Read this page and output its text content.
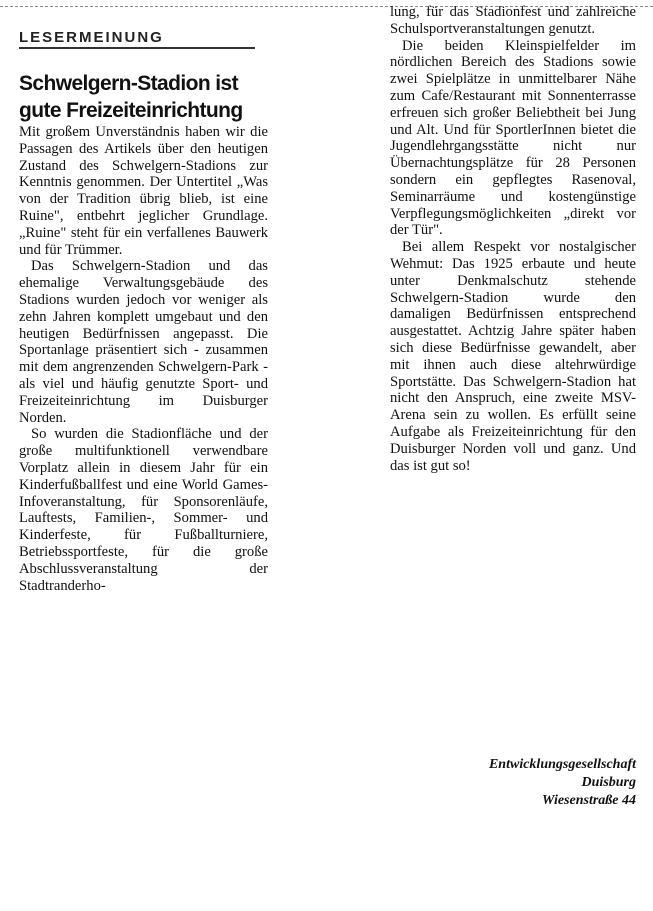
LESERMEINUNG
Schwelgern-Stadion ist gute Freizeiteinrichtung

Mit großem Unverständnis haben wir die Passagen des Artikels über den heutigen Zustand des Schwelgern-Stadions zur Kenntnis genommen. Der Untertitel „Was von der Tradition übrig blieb, ist eine Ruine", entbehrt jeglicher Grundlage. „Ruine" steht für ein verfallenes Bauwerk und für Trümmer.

Das Schwelgern-Stadion und das ehemalige Verwaltungsgebäude des Stadions wurden jedoch vor weniger als zehn Jahren komplett umgebaut und den heutigen Bedürfnissen angepasst. Die Sportanlage präsentiert sich - zusammen mit dem angrenzenden Schwelgern-Park - als viel und häufig genutzte Sport- und Freizeiteinrichtung im Duisburger Norden.

So wurden die Stadionfläche und der große multifunktionell verwendbare Vorplatz allein in diesem Jahr für ein Kinderfußballfest und eine World Games-Infoveranstaltung, für Sponsorenläufe, Lauftests, Familien-, Sommer- und Kinderfeste, für Fußballturniere, Betriebssportfeste, für die große Abschlussveranstaltung der Stadtranderho-

lung, für das Stadionfest und zahlreiche Schulsportveranstaltungen genutzt.

Die beiden Kleinspielfelder im nördlichen Bereich des Stadions sowie zwei Spielplätze in unmittelbarer Nähe zum Cafe/Restaurant mit Sonnenterrasse erfreuen sich großer Beliebtheit bei Jung und Alt. Und für SportlerInnen bietet die Jugendlehrgangsstätte nicht nur Übernachtungsplätze für 28 Personen sondern ein gepflegtes Rasenoval, Seminarräume und kostengünstige Verpflegungsmöglichkeiten „direkt vor der Tür".

Bei allem Respekt vor nostalgischer Wehmut: Das 1925 erbaute und heute unter Denkmalschutz stehende Schwelgern-Stadion wurde den damaligen Bedürfnissen entsprechend ausgestattet. Achtzig Jahre später haben sich diese Bedürfnisse gewandelt, aber mit ihnen auch diese altehrwürdige Sportstätte. Das Schwelgern-Stadion hat nicht den Anspruch, eine zweite MSV-Arena sein zu wollen. Es erfüllt seine Aufgabe als Freizeiteinrichtung für den Duisburger Norden voll und ganz. Und das ist gut so!

Entwicklungsgesellschaft
Duisburg
Wiesenstraße 44
